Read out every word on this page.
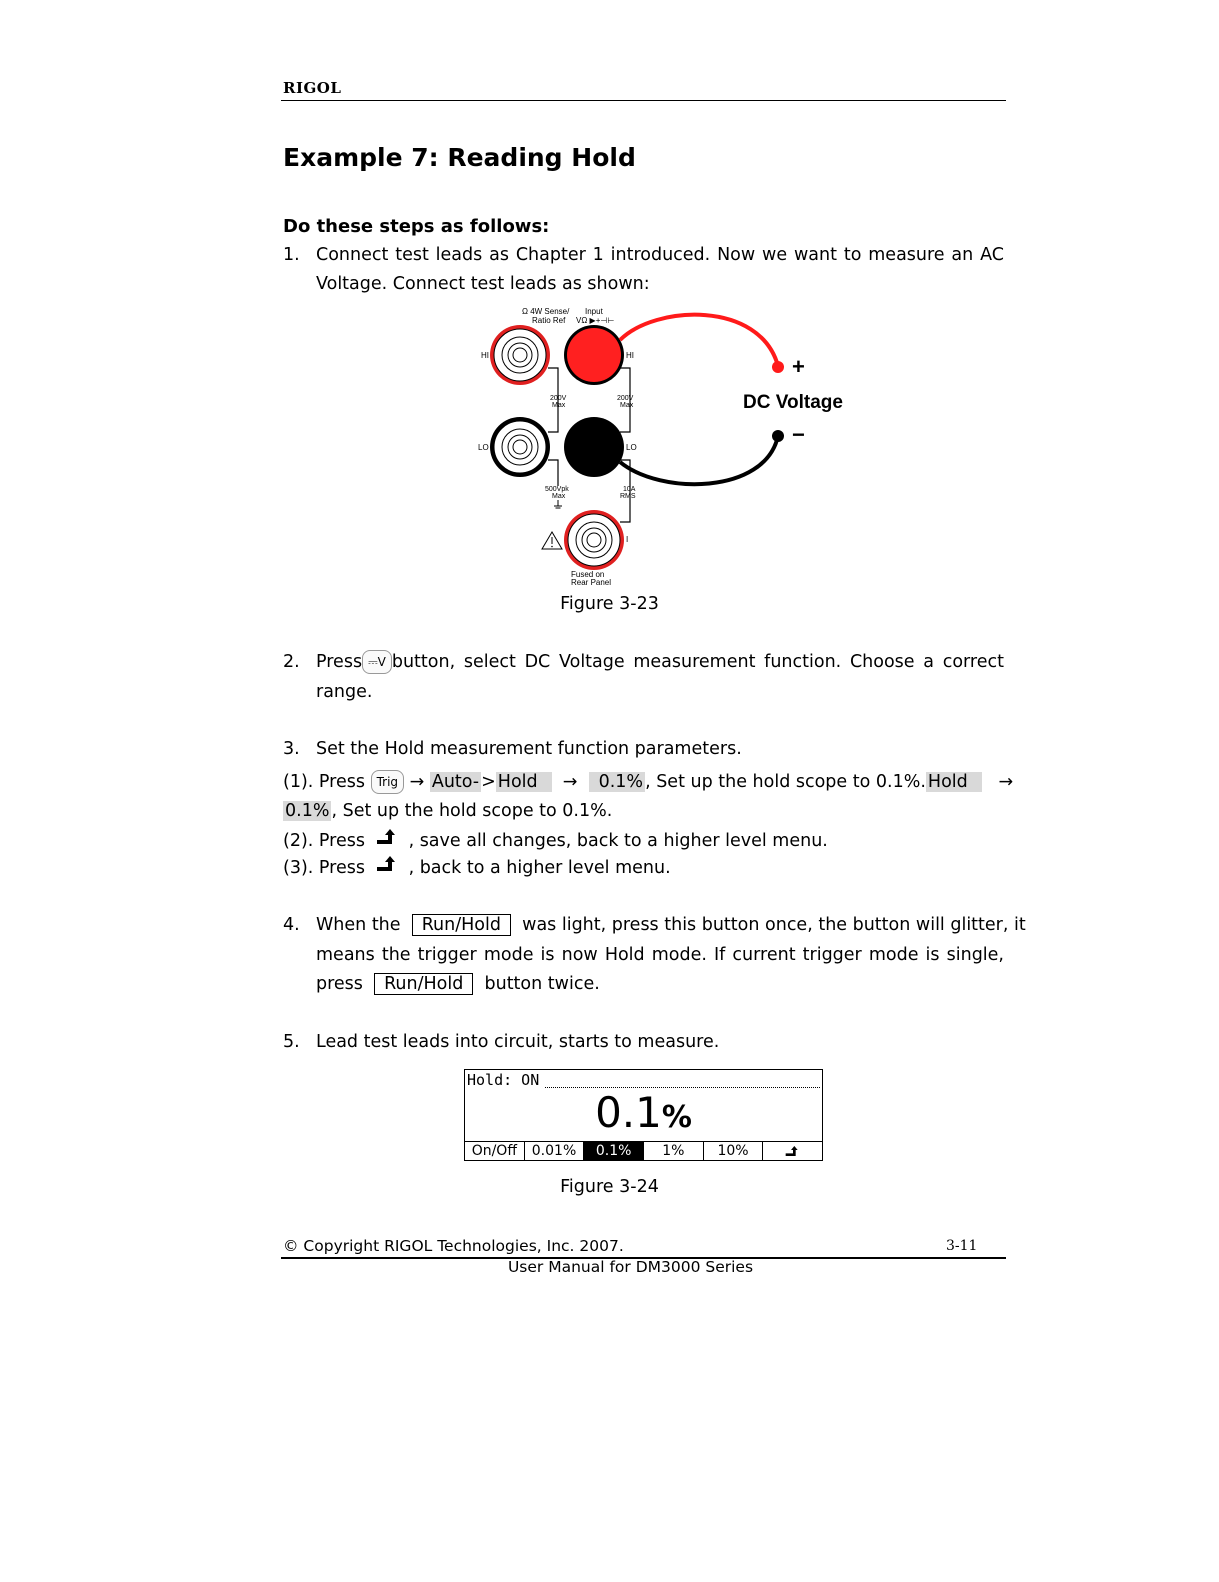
RIGOL
Example 7: Reading Hold
Do these steps as follows:
1. Connect test leads as Chapter 1 introduced. Now we want to measure an AC
Voltage. Connect test leads as shown:
Ω 4W Sense/
Ratio Ref
Input
VΩ ▶+⊣⊢
HI	HI
LO	LO
200V
Max
200V
Max
500Vpk
Max
10A
RMS
I
Fused on
Rear Panel
+
−
DC Voltage
Figure 3-23
2. Press ⎓V button, select DC Voltage measurement function. Choose a correct
range.
3. Set the Hold measurement function parameters.
(1). Press Trig → Auto- > Hold → 0.1% , Set up the hold scope to 0.1%. Hold →
0.1% , Set up the hold scope to 0.1%.
(2). Press , save all changes, back to a higher level menu.
(3). Press , back to a higher level menu.
4. When the Run/Hold was light, press this button once, the button will glitter, it
means the trigger mode is now Hold mode. If current trigger mode is single,
press Run/Hold button twice.
5. Lead test leads into circuit, starts to measure.
Hold: ON
0.1%
On/Off	0.01%	0.1%	1%	10%
Figure 3-24
© Copyright RIGOL Technologies, Inc. 2007.	3-11
User Manual for DM3000 Series
